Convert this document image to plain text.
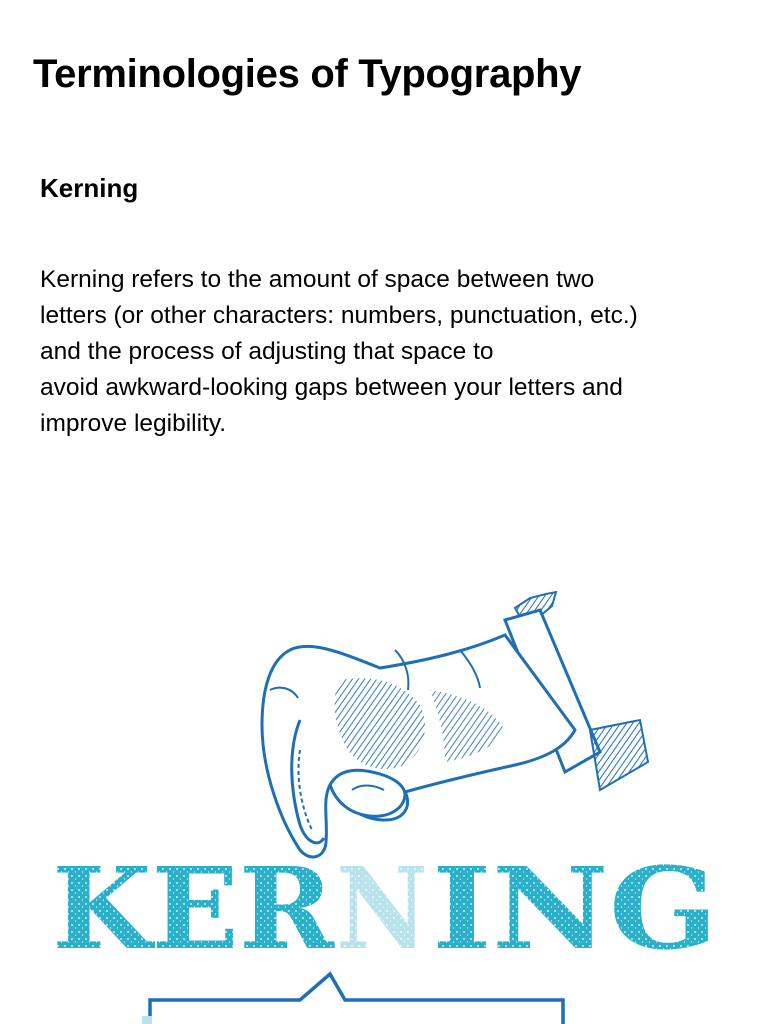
Terminologies of Typography
Kerning

Kerning refers to the amount of space between two
letters (or other characters: numbers, punctuation, etc.)
and the process of adjusting that space to
avoid awkward-looking gaps between your letters and
improve legibility.

KER N ING
